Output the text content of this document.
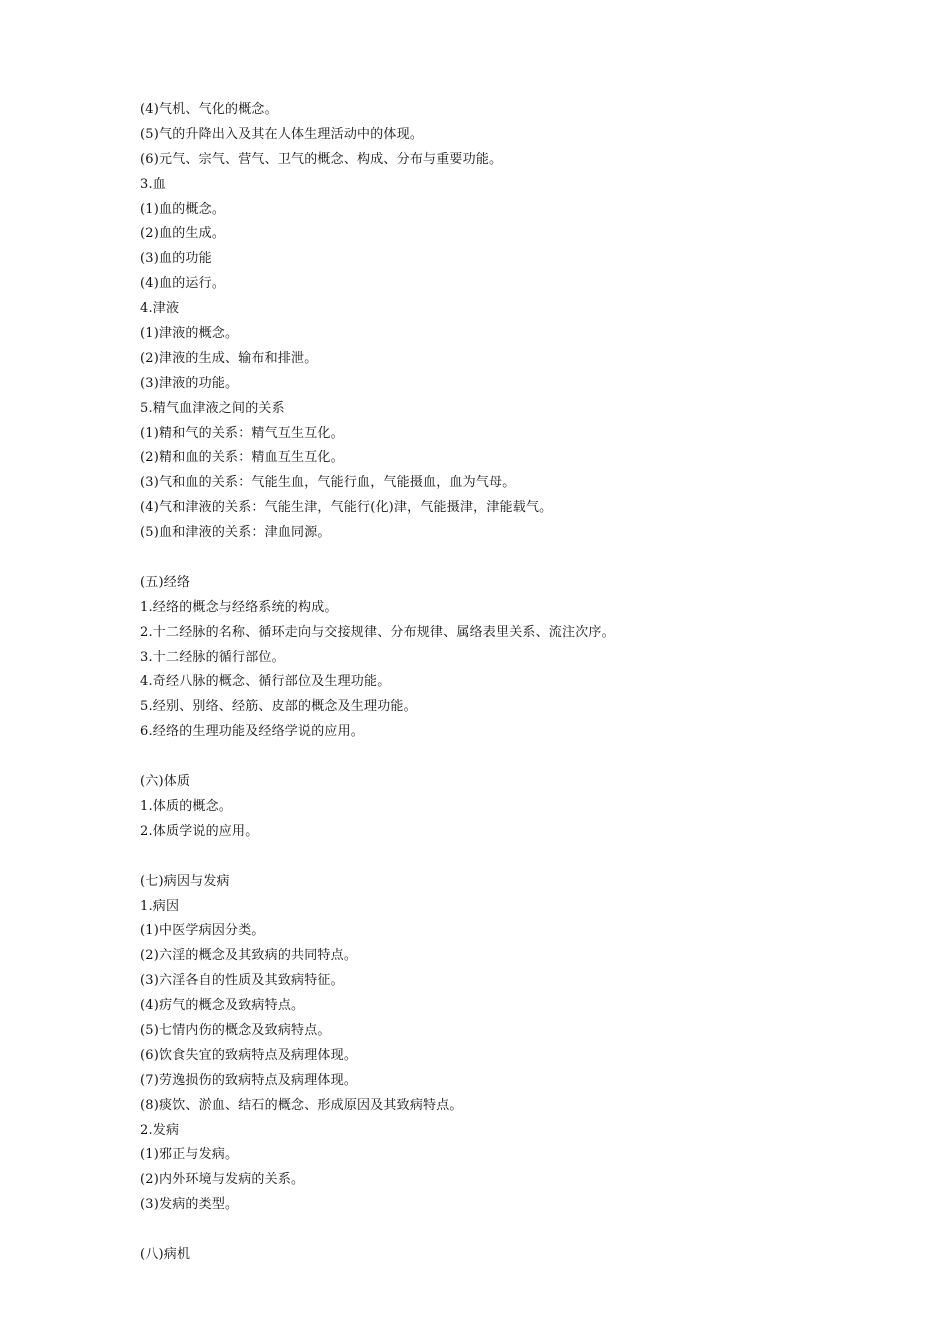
(4)气机、气化的概念。
(5)气的升降出入及其在人体生理活动中的体现。
(6)元气、宗气、营气、卫气的概念、构成、分布与重要功能。
3.血
(1)血的概念。
(2)血的生成。
(3)血的功能
(4)血的运行。
4.津液
(1)津液的概念。
(2)津液的生成、输布和排泄。
(3)津液的功能。
5.精气血津液之间的关系
(1)精和气的关系：精气互生互化。
(2)精和血的关系：精血互生互化。
(3)气和血的关系：气能生血，气能行血，气能摄血，血为气母。
(4)气和津液的关系：气能生津，气能行(化)津，气能摄津，津能载气。
(5)血和津液的关系：津血同源。
(五)经络
1.经络的概念与经络系统的构成。
2.十二经脉的名称、循环走向与交接规律、分布规律、属络表里关系、流注次序。
3.十二经脉的循行部位。
4.奇经八脉的概念、循行部位及生理功能。
5.经别、别络、经筋、皮部的概念及生理功能。
6.经络的生理功能及经络学说的应用。
(六)体质
1.体质的概念。
2.体质学说的应用。
(七)病因与发病
1.病因
(1)中医学病因分类。
(2)六淫的概念及其致病的共同特点。
(3)六淫各自的性质及其致病特征。
(4)疠气的概念及致病特点。
(5)七情内伤的概念及致病特点。
(6)饮食失宜的致病特点及病理体现。
(7)劳逸损伤的致病特点及病理体现。
(8)痰饮、淤血、结石的概念、形成原因及其致病特点。
2.发病
(1)邪正与发病。
(2)内外环境与发病的关系。
(3)发病的类型。
(八)病机
